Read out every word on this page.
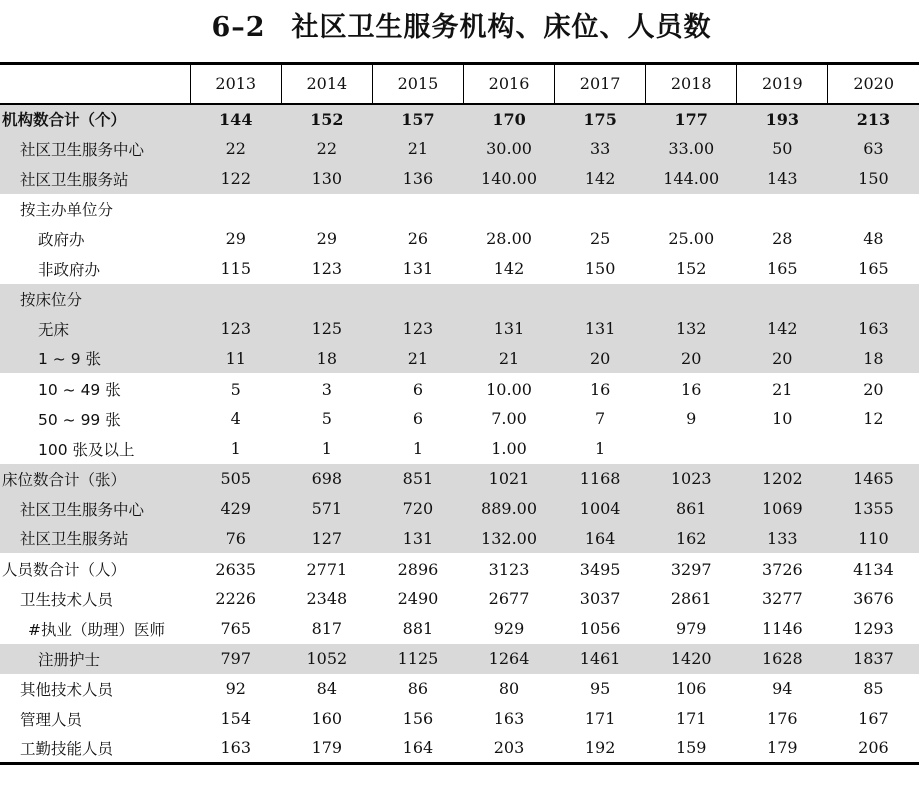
6–2 社区卫生服务机构、床位、人员数
	2013	2014	2015	2016	2017	2018	2019	2020
机构数合计（个）	144	152	157	170	175	177	193	213
社区卫生服务中心	22	22	21	30.00	33	33.00	50	63
社区卫生服务站	122	130	136	140.00	142	144.00	143	150
按主办单位分								
政府办	29	29	26	28.00	25	25.00	28	48
非政府办	115	123	131	142	150	152	165	165
按床位分								
无床	123	125	123	131	131	132	142	163
1 ~ 9 张	11	18	21	21	20	20	20	18
10 ~ 49 张	5	3	6	10.00	16	16	21	20
50 ~ 99 张	4	5	6	7.00	7	9	10	12
100 张及以上	1	1	1	1.00	1			
床位数合计（张）	505	698	851	1021	1168	1023	1202	1465
社区卫生服务中心	429	571	720	889.00	1004	861	1069	1355
社区卫生服务站	76	127	131	132.00	164	162	133	110
人员数合计（人）	2635	2771	2896	3123	3495	3297	3726	4134
卫生技术人员	2226	2348	2490	2677	3037	2861	3277	3676
#执业（助理）医师	765	817	881	929	1056	979	1146	1293
注册护士	797	1052	1125	1264	1461	1420	1628	1837
其他技术人员	92	84	86	80	95	106	94	85
管理人员	154	160	156	163	171	171	176	167
工勤技能人员	163	179	164	203	192	159	179	206
